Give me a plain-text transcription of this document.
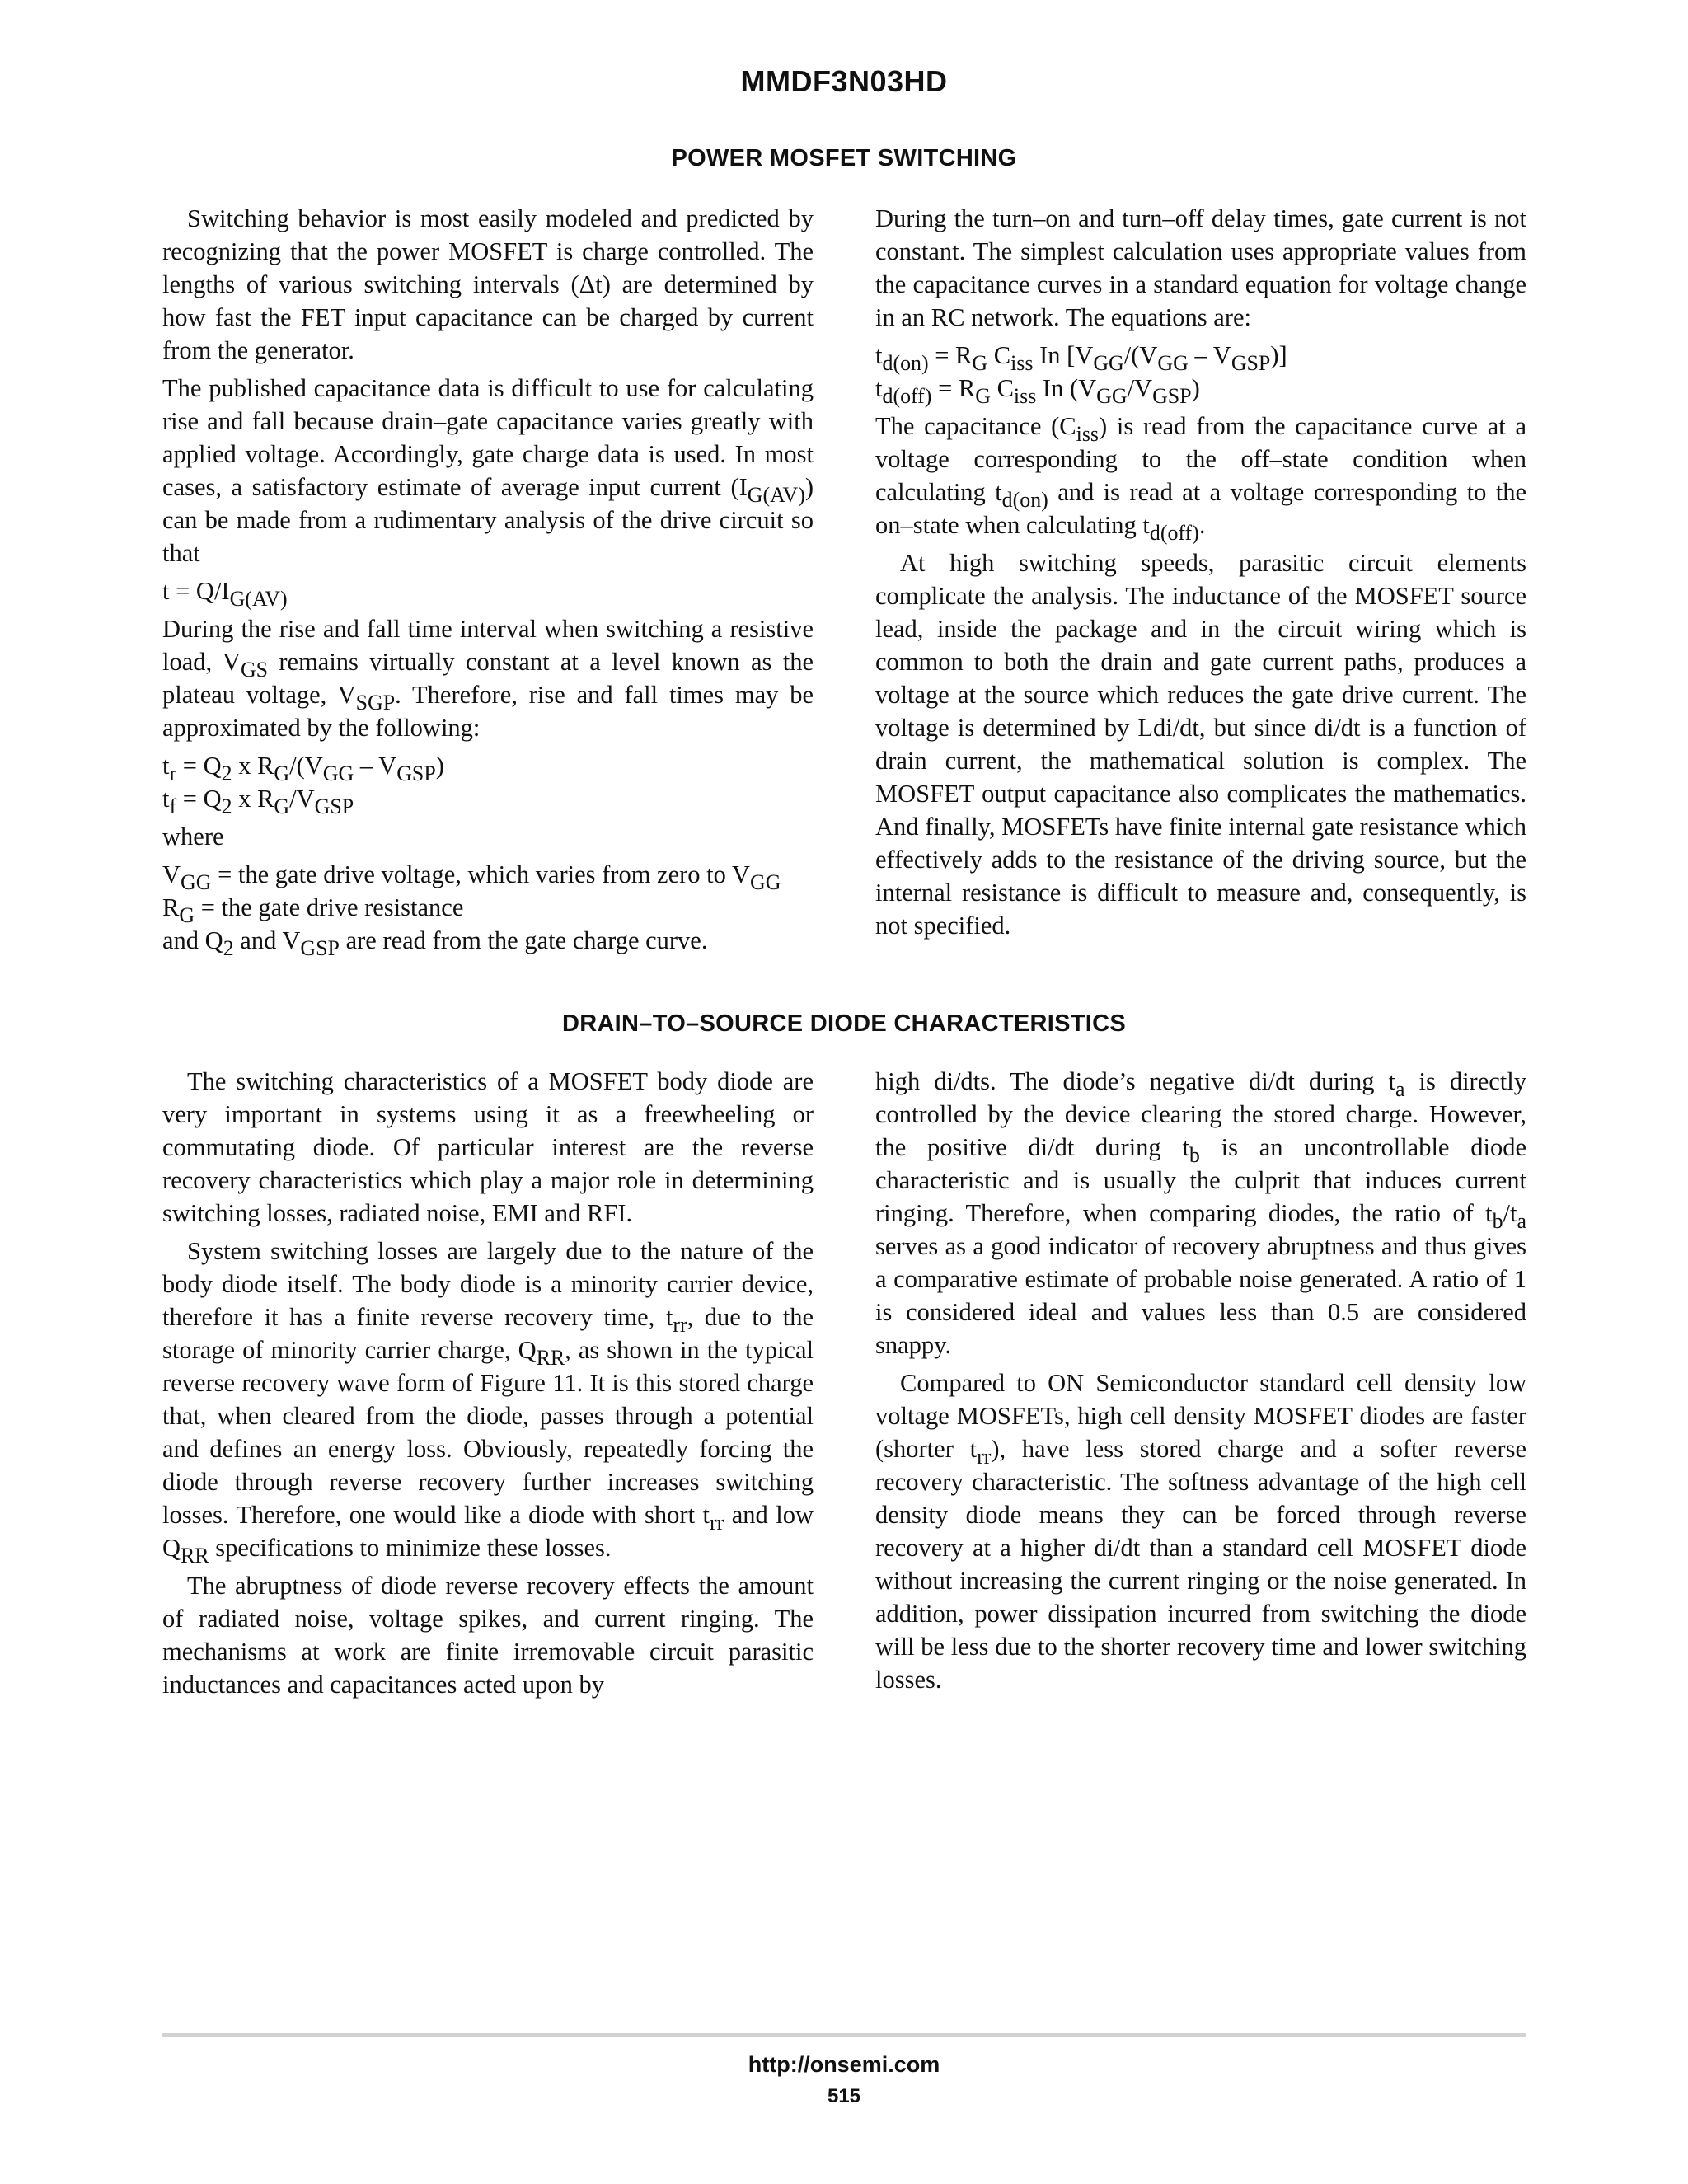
MMDF3N03HD
POWER MOSFET SWITCHING

Switching behavior is most easily modeled and predicted by recognizing that the power MOSFET is charge controlled. The lengths of various switching intervals (Δt) are determined by how fast the FET input capacitance can be charged by current from the generator.

The published capacitance data is difficult to use for calculating rise and fall because drain–gate capacitance varies greatly with applied voltage. Accordingly, gate charge data is used. In most cases, a satisfactory estimate of average input current $(I_{G(AV)})$ can be made from a rudimentary analysis of the drive circuit so that

$t = Q/I_{G(AV)}$

During the rise and fall time interval when switching a resistive load, $V_{GS}$ remains virtually constant at a level known as the plateau voltage, $V_{SGP}$. Therefore, rise and fall times may be approximated by the following:

$t_r = Q_2$ x $R_G/(V_{GG} - V_{GSP})$
$t_f = Q_2$ x $R_G/V_{GSP}$

where

$V_{GG}$ = the gate drive voltage, which varies from zero to $V_{GG}$
$R_G$ = the gate drive resistance
and $Q_2$ and $V_{GSP}$ are read from the gate charge curve.

During the turn–on and turn–off delay times, gate current is not constant. The simplest calculation uses appropriate values from the capacitance curves in a standard equation for voltage change in an RC network. The equations are:

$t_{d(on)} = R_G$ $C_{iss}$ In $[V_{GG}/(V_{GG} - V_{GSP})]$
$t_{d(off)} = R_G$ $C_{iss}$ In $(V_{GG}/V_{GSP})$

The capacitance $(C_{iss})$ is read from the capacitance curve at a voltage corresponding to the off–state condition when calculating $t_{d(on)}$ and is read at a voltage corresponding to the on–state when calculating $t_{d(off)}$.

At high switching speeds, parasitic circuit elements complicate the analysis. The inductance of the MOSFET source lead, inside the package and in the circuit wiring which is common to both the drain and gate current paths, produces a voltage at the source which reduces the gate drive current. The voltage is determined by Ldi/dt, but since di/dt is a function of drain current, the mathematical solution is complex. The MOSFET output capacitance also complicates the mathematics. And finally, MOSFETs have finite internal gate resistance which effectively adds to the resistance of the driving source, but the internal resistance is difficult to measure and, consequently, is not specified.

DRAIN–TO–SOURCE DIODE CHARACTERISTICS

The switching characteristics of a MOSFET body diode are very important in systems using it as a freewheeling or commutating diode. Of particular interest are the reverse recovery characteristics which play a major role in determining switching losses, radiated noise, EMI and RFI.

System switching losses are largely due to the nature of the body diode itself. The body diode is a minority carrier device, therefore it has a finite reverse recovery time, $t_{rr}$, due to the storage of minority carrier charge, $Q_{RR}$, as shown in the typical reverse recovery wave form of Figure 11. It is this stored charge that, when cleared from the diode, passes through a potential and defines an energy loss. Obviously, repeatedly forcing the diode through reverse recovery further increases switching losses. Therefore, one would like a diode with short $t_{rr}$ and low $Q_{RR}$ specifications to minimize these losses.

The abruptness of diode reverse recovery effects the amount of radiated noise, voltage spikes, and current ringing. The mechanisms at work are finite irremovable circuit parasitic inductances and capacitances acted upon by

high di/dts. The diode’s negative di/dt during $t_a$ is directly controlled by the device clearing the stored charge. However, the positive di/dt during $t_b$ is an uncontrollable diode characteristic and is usually the culprit that induces current ringing. Therefore, when comparing diodes, the ratio of $t_b/t_a$ serves as a good indicator of recovery abruptness and thus gives a comparative estimate of probable noise generated. A ratio of 1 is considered ideal and values less than 0.5 are considered snappy.

Compared to ON Semiconductor standard cell density low voltage MOSFETs, high cell density MOSFET diodes are faster (shorter $t_{rr}$), have less stored charge and a softer reverse recovery characteristic. The softness advantage of the high cell density diode means they can be forced through reverse recovery at a higher di/dt than a standard cell MOSFET diode without increasing the current ringing or the noise generated. In addition, power dissipation incurred from switching the diode will be less due to the shorter recovery time and lower switching losses.

http://onsemi.com
515
